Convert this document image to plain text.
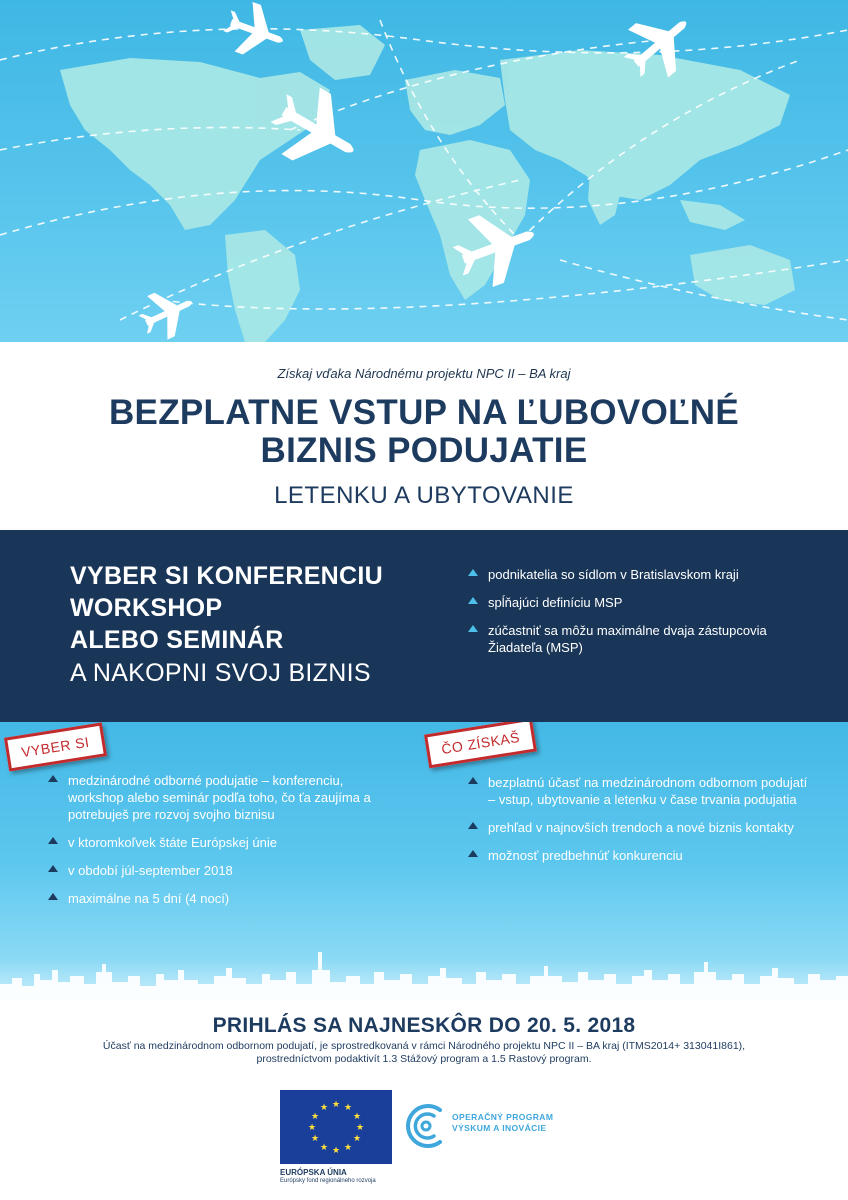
Získaj vďaka Národnému projektu NPC II – BA kraj
BEZPLATNE VSTUP NA ĽUBOVOĽNÉ
BIZNIS PODUJATIE
LETENKU A UBYTOVANIE
VYBER SI KONFERENCIU
WORKSHOP
ALEBO SEMINÁR
A NAKOPNI SVOJ BIZNIS
podnikatelia so sídlom v Bratislavskom kraji
spĺňajúci definíciu MSP
zúčastniť sa môžu maximálne dvaja zástupcovia Žiadateľa (MSP)
VYBER SI	ČO ZÍSKAŠ
medzinárodné odborné podujatie – konferenciu, workshop alebo seminár podľa toho, čo ťa zaujíma a potrebuješ pre rozvoj svojho biznisu
v ktoromkoľvek štáte Európskej únie
v období júl-september 2018
maximálne na 5 dní (4 nocí)
bezplatnú účasť na medzinárodnom odbornom podujatí – vstup, ubytovanie a letenku v čase trvania podujatia
prehľad v najnovších trendoch a nové biznis kontakty
možnosť predbehnúť konkurenciu
PRIHLÁS SA NAJNESKÔR DO 20. 5. 2018
Účasť na medzinárodnom odbornom podujatí, je sprostredkovaná v rámci Národného projektu NPC II – BA kraj (ITMS2014+ 313041I861),
prostredníctvom podaktivít 1.3 Stážový program a 1.5 Rastový program.
★ ★
★
★
★
★
★
★
★
★
★
★
EURÓPSKA ÚNIA
Európsky fond regionálneho rozvoja
OPERAČNÝ PROGRAM
VÝSKUM A INOVÁCIE
